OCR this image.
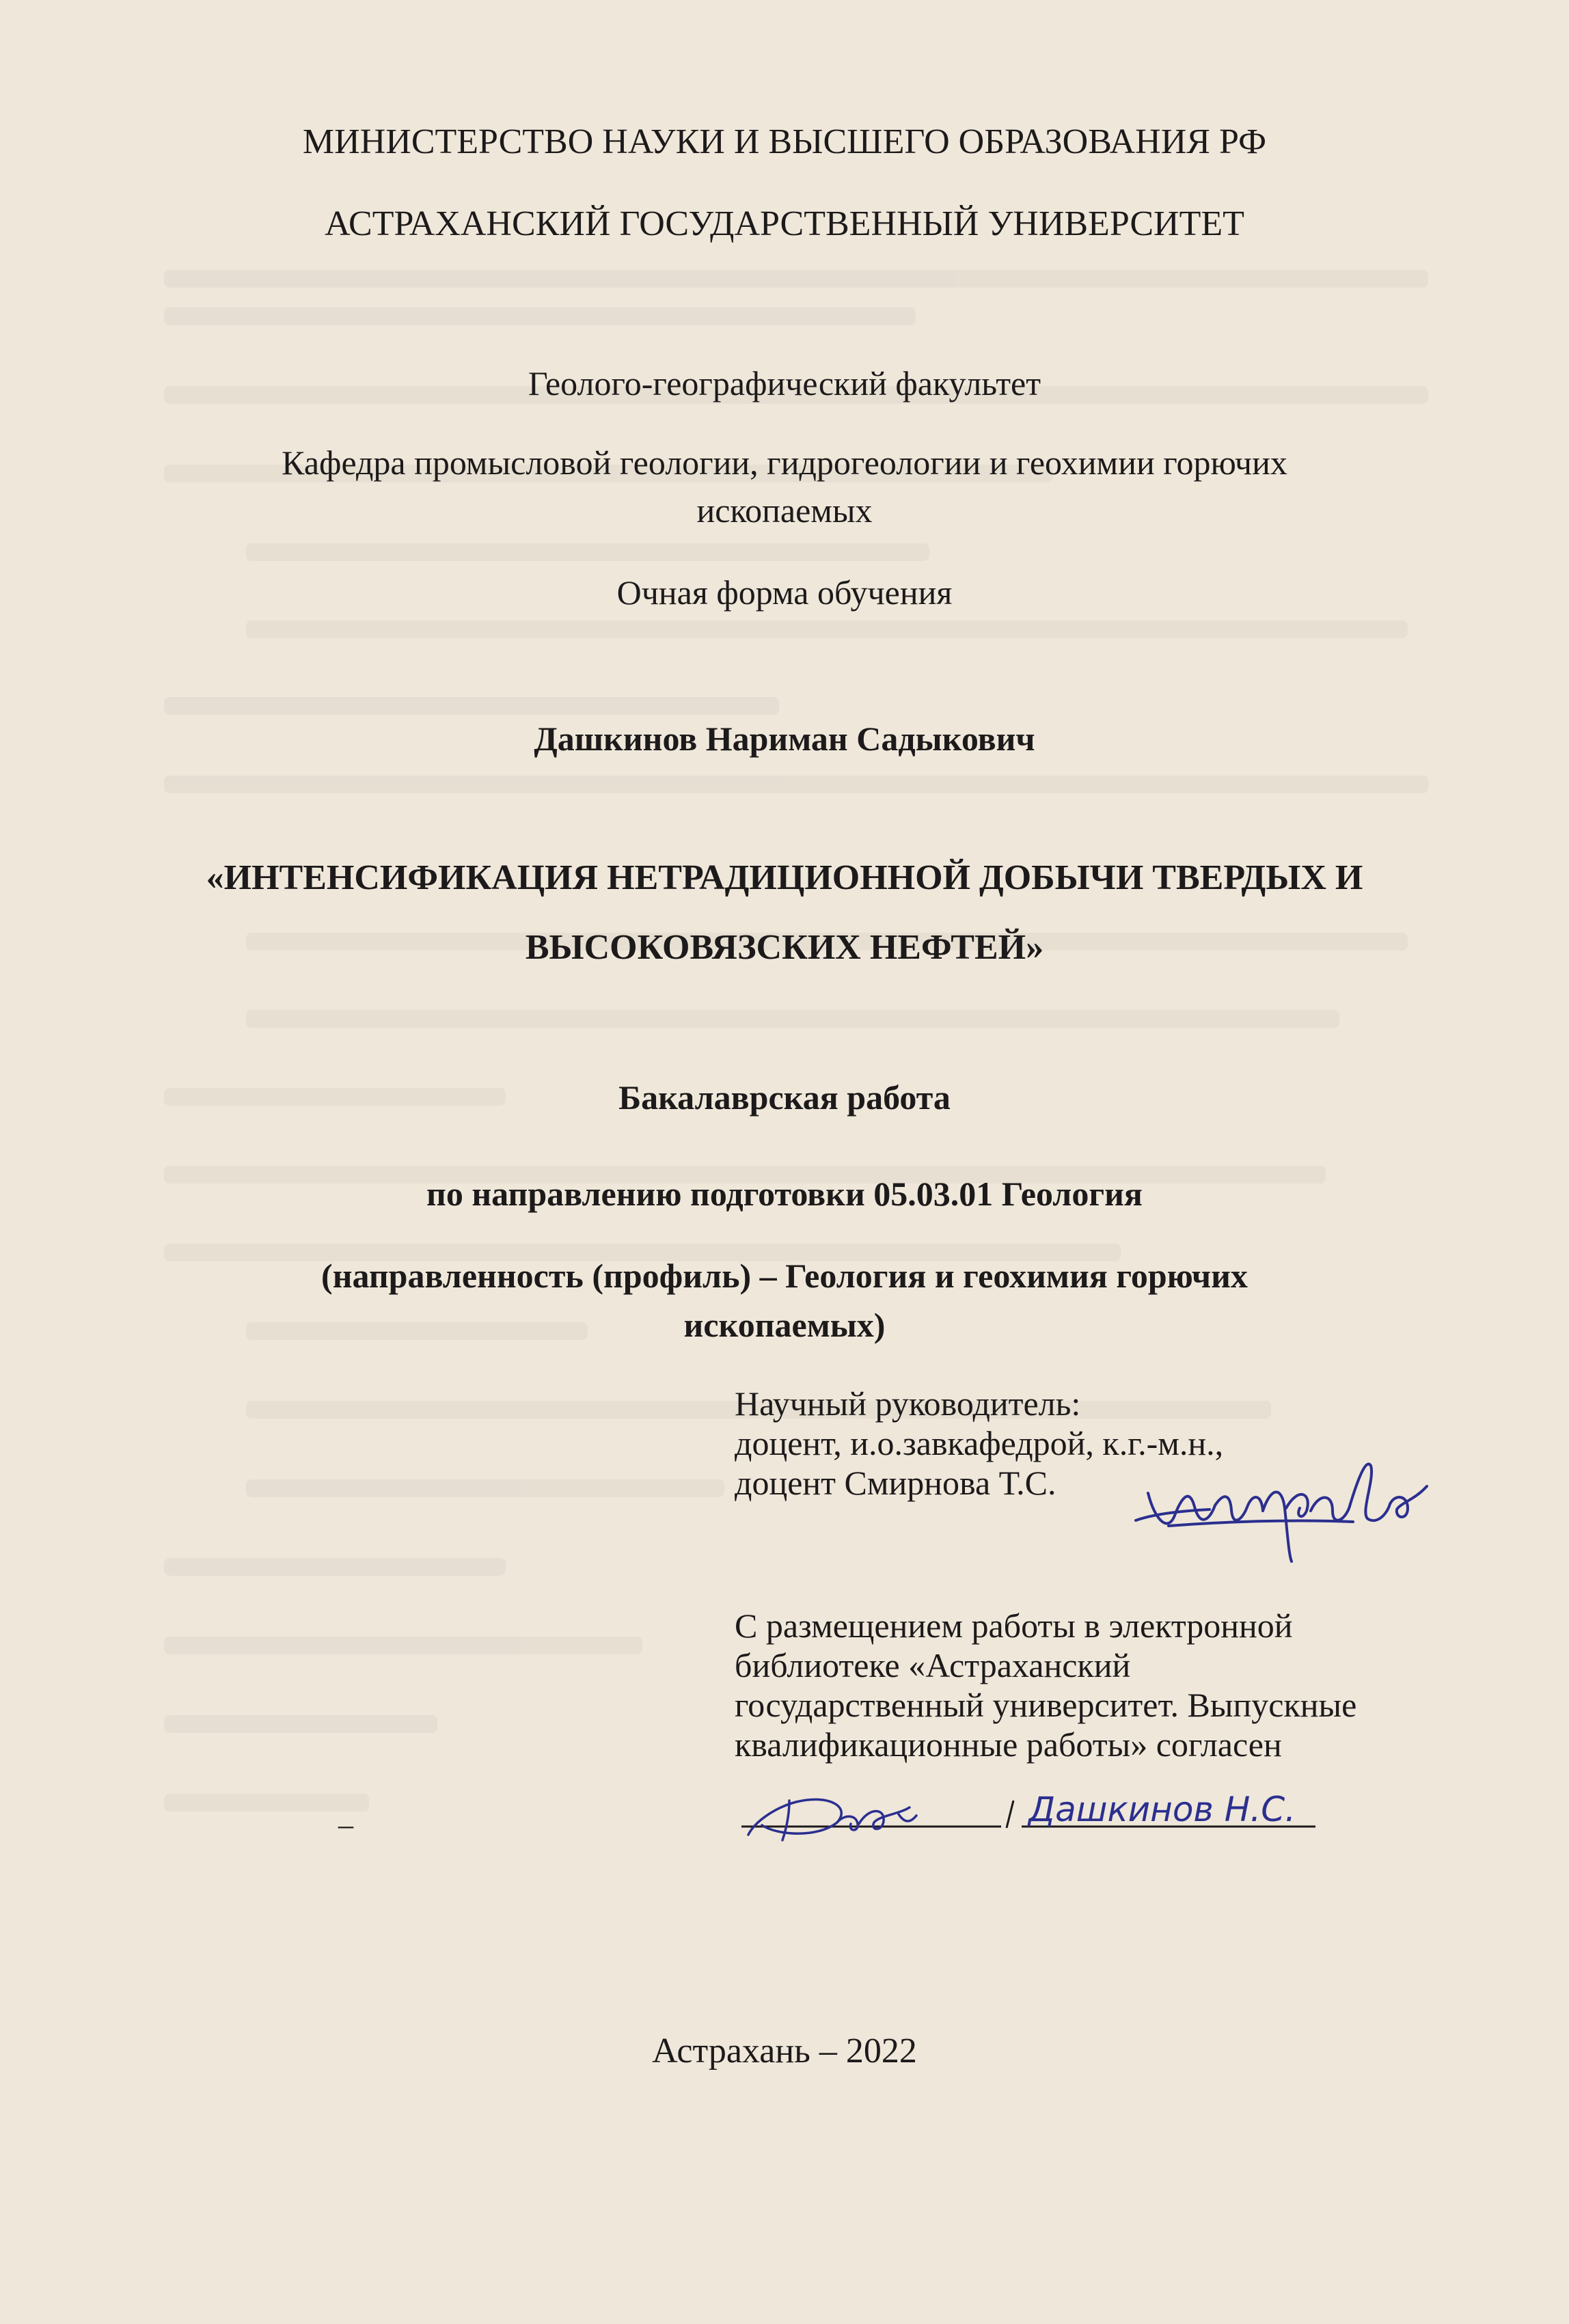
МИНИСТЕРСТВО НАУКИ И ВЫСШЕГО ОБРАЗОВАНИЯ РФ
АСТРАХАНСКИЙ ГОСУДАРСТВЕННЫЙ УНИВЕРСИТЕТ
Геолого-географический факультет
Кафедра промысловой геологии, гидрогеологии и геохимии горючих
ископаемых
Очная форма обучения
Дашкинов Нариман Садыкович
«ИНТЕНСИФИКАЦИЯ НЕТРАДИЦИОННОЙ ДОБЫЧИ ТВЕРДЫХ И
ВЫСОКОВЯЗСКИХ НЕФТЕЙ»
Бакалаврская работа
по направлению подготовки 05.03.01 Геология
(направленность (профиль) – Геология и геохимия горючих
ископаемых)
Научный руководитель:
доцент, и.о.завкафедрой, к.г.-м.н.,
доцент Смирнова Т.С.
С размещением работы в электронной
библиотеке «Астраханский
государственный университет. Выпускные
квалификационные работы» согласен
Дашкинов Н.С.
–
Астрахань – 2022
